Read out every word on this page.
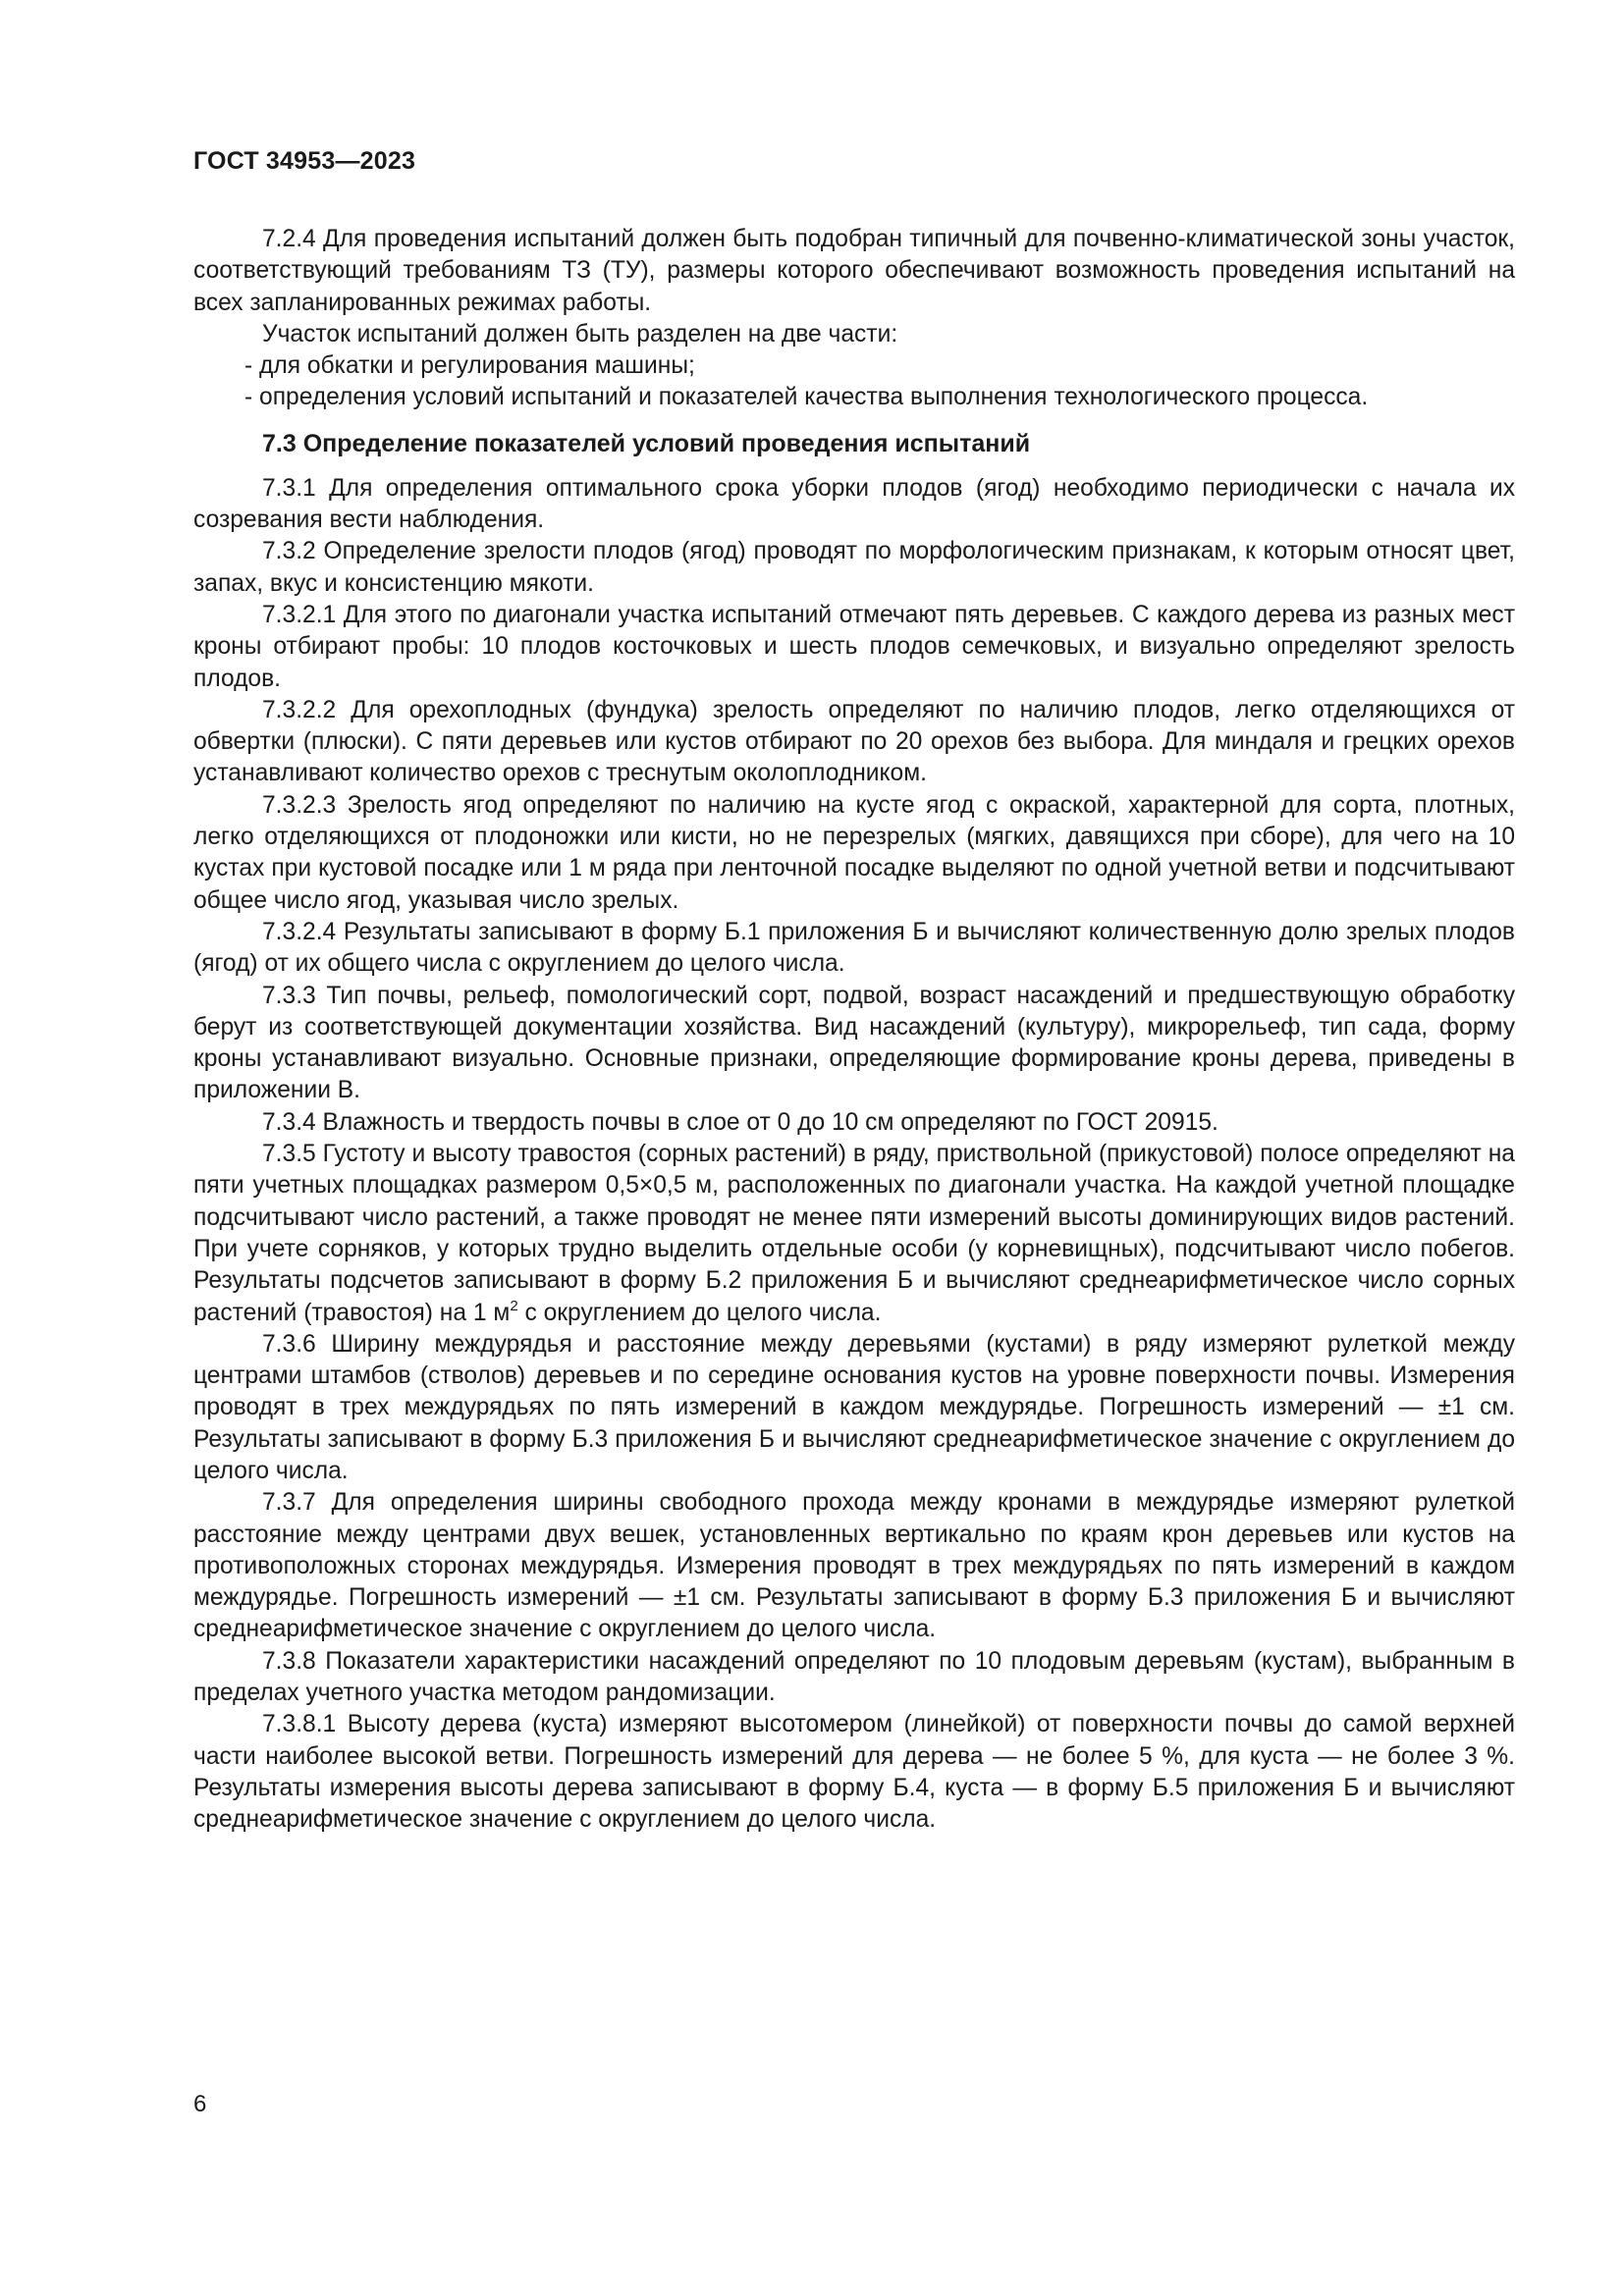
ГОСТ 34953—2023

7.2.4 Для проведения испытаний должен быть подобран типичный для почвенно-климатической зоны участок, соответствующий требованиям ТЗ (ТУ), размеры которого обеспечивают возможность проведения испытаний на всех запланированных режимах работы.

Участок испытаний должен быть разделен на две части:

- для обкатки и регулирования машины;

- определения условий испытаний и показателей качества выполнения технологического процесса.

7.3 Определение показателей условий проведения испытаний

7.3.1 Для определения оптимального срока уборки плодов (ягод) необходимо периодически с начала их созревания вести наблюдения.

7.3.2 Определение зрелости плодов (ягод) проводят по морфологическим признакам, к которым относят цвет, запах, вкус и консистенцию мякоти.

7.3.2.1 Для этого по диагонали участка испытаний отмечают пять деревьев. С каждого дерева из разных мест кроны отбирают пробы: 10 плодов косточковых и шесть плодов семечковых, и визуально определяют зрелость плодов.

7.3.2.2 Для орехоплодных (фундука) зрелость определяют по наличию плодов, легко отделяющихся от обвертки (плюски). С пяти деревьев или кустов отбирают по 20 орехов без выбора. Для миндаля и грецких орехов устанавливают количество орехов с треснутым околоплодником.

7.3.2.3 Зрелость ягод определяют по наличию на кусте ягод с окраской, характерной для сорта, плотных, легко отделяющихся от плодоножки или кисти, но не перезрелых (мягких, давящихся при сборе), для чего на 10 кустах при кустовой посадке или 1 м ряда при ленточной посадке выделяют по одной учетной ветви и подсчитывают общее число ягод, указывая число зрелых.

7.3.2.4 Результаты записывают в форму Б.1 приложения Б и вычисляют количественную долю зрелых плодов (ягод) от их общего числа с округлением до целого числа.

7.3.3 Тип почвы, рельеф, помологический сорт, подвой, возраст насаждений и предшествующую обработку берут из соответствующей документации хозяйства. Вид насаждений (культуру), микрорельеф, тип сада, форму кроны устанавливают визуально. Основные признаки, определяющие формирование кроны дерева, приведены в приложении В.

7.3.4 Влажность и твердость почвы в слое от 0 до 10 см определяют по ГОСТ 20915.

7.3.5 Густоту и высоту травостоя (сорных растений) в ряду, приствольной (прикустовой) полосе определяют на пяти учетных площадках размером 0,5×0,5 м, расположенных по диагонали участка. На каждой учетной площадке подсчитывают число растений, а также проводят не менее пяти измерений высоты доминирующих видов растений. При учете сорняков, у которых трудно выделить отдельные особи (у корневищных), подсчитывают число побегов. Результаты подсчетов записывают в форму Б.2 приложения Б и вычисляют среднеарифметическое число сорных растений (травостоя) на 1 $м^2$ с округлением до целого числа.

7.3.6 Ширину междурядья и расстояние между деревьями (кустами) в ряду измеряют рулеткой между центрами штамбов (стволов) деревьев и по середине основания кустов на уровне поверхности почвы. Измерения проводят в трех междурядьях по пять измерений в каждом междурядье. Погрешность измерений — ±1 см. Результаты записывают в форму Б.3 приложения Б и вычисляют среднеарифметическое значение с округлением до целого числа.

7.3.7 Для определения ширины свободного прохода между кронами в междурядье измеряют рулеткой расстояние между центрами двух вешек, установленных вертикально по краям крон деревьев или кустов на противоположных сторонах междурядья. Измерения проводят в трех междурядьях по пять измерений в каждом междурядье. Погрешность измерений — ±1 см. Результаты записывают в форму Б.3 приложения Б и вычисляют среднеарифметическое значение с округлением до целого числа.

7.3.8 Показатели характеристики насаждений определяют по 10 плодовым деревьям (кустам), выбранным в пределах учетного участка методом рандомизации.

7.3.8.1 Высоту дерева (куста) измеряют высотомером (линейкой) от поверхности почвы до самой верхней части наиболее высокой ветви. Погрешность измерений для дерева — не более 5 %, для куста — не более 3 %. Результаты измерения высоты дерева записывают в форму Б.4, куста — в форму Б.5 приложения Б и вычисляют среднеарифметическое значение с округлением до целого числа.

6
